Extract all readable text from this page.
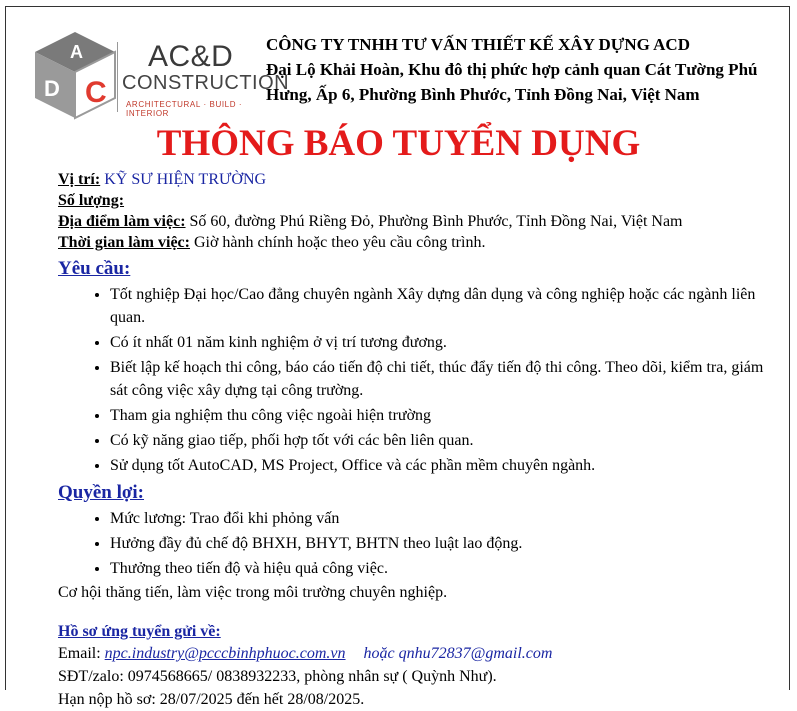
A
D C
AC&D
CONSTRUCTION
ARCHITECTURAL · BUILD · INTERIOR
CÔNG TY TNHH TƯ VẤN THIẾT KẾ XÂY DỰNG ACD
Đại Lộ Khải Hoàn, Khu đô thị phức hợp cảnh quan Cát Tường Phú Hưng, Ấp 6, Phường Bình Phước, Tỉnh Đồng Nai, Việt Nam
THÔNG BÁO TUYỂN DỤNG

Vị trí: KỸ SƯ HIỆN TRƯỜNG

Số lượng:

Địa điểm làm việc: Số 60, đường Phú Riềng Đỏ, Phường Bình Phước, Tỉnh Đồng Nai, Việt Nam

Thời gian làm việc: Giờ hành chính hoặc theo yêu cầu công trình.

Yêu cầu:
• Tốt nghiệp Đại học/Cao đẳng chuyên ngành Xây dựng dân dụng và công nghiệp hoặc các ngành liên quan.
• Có ít nhất 01 năm kinh nghiệm ở vị trí tương đương.
• Biết lập kế hoạch thi công, báo cáo tiến độ chi tiết, thúc đẩy tiến độ thi công. Theo dõi, kiểm tra, giám sát công việc xây dựng tại công trường.
• Tham gia nghiệm thu công việc ngoài hiện trường
• Có kỹ năng giao tiếp, phối hợp tốt với các bên liên quan.
• Sử dụng tốt AutoCAD, MS Project, Office và các phần mềm chuyên ngành.
Quyền lợi:
• Mức lương: Trao đổi khi phỏng vấn
• Hưởng đầy đủ chế độ BHXH, BHYT, BHTN theo luật lao động.
• Thưởng theo tiến độ và hiệu quả công việc.
Cơ hội thăng tiến, làm việc trong môi trường chuyên nghiệp.
Hồ sơ ứng tuyển gửi về:
Email: npc.industry@pcccbinhphuoc.com.vn hoặc qnhu72837@gmail.com
SĐT/zalo: 0974568665/ 0838932233, phòng nhân sự ( Quỳnh Như).
Hạn nộp hồ sơ: 28/07/2025 đến hết 28/08/2025.
